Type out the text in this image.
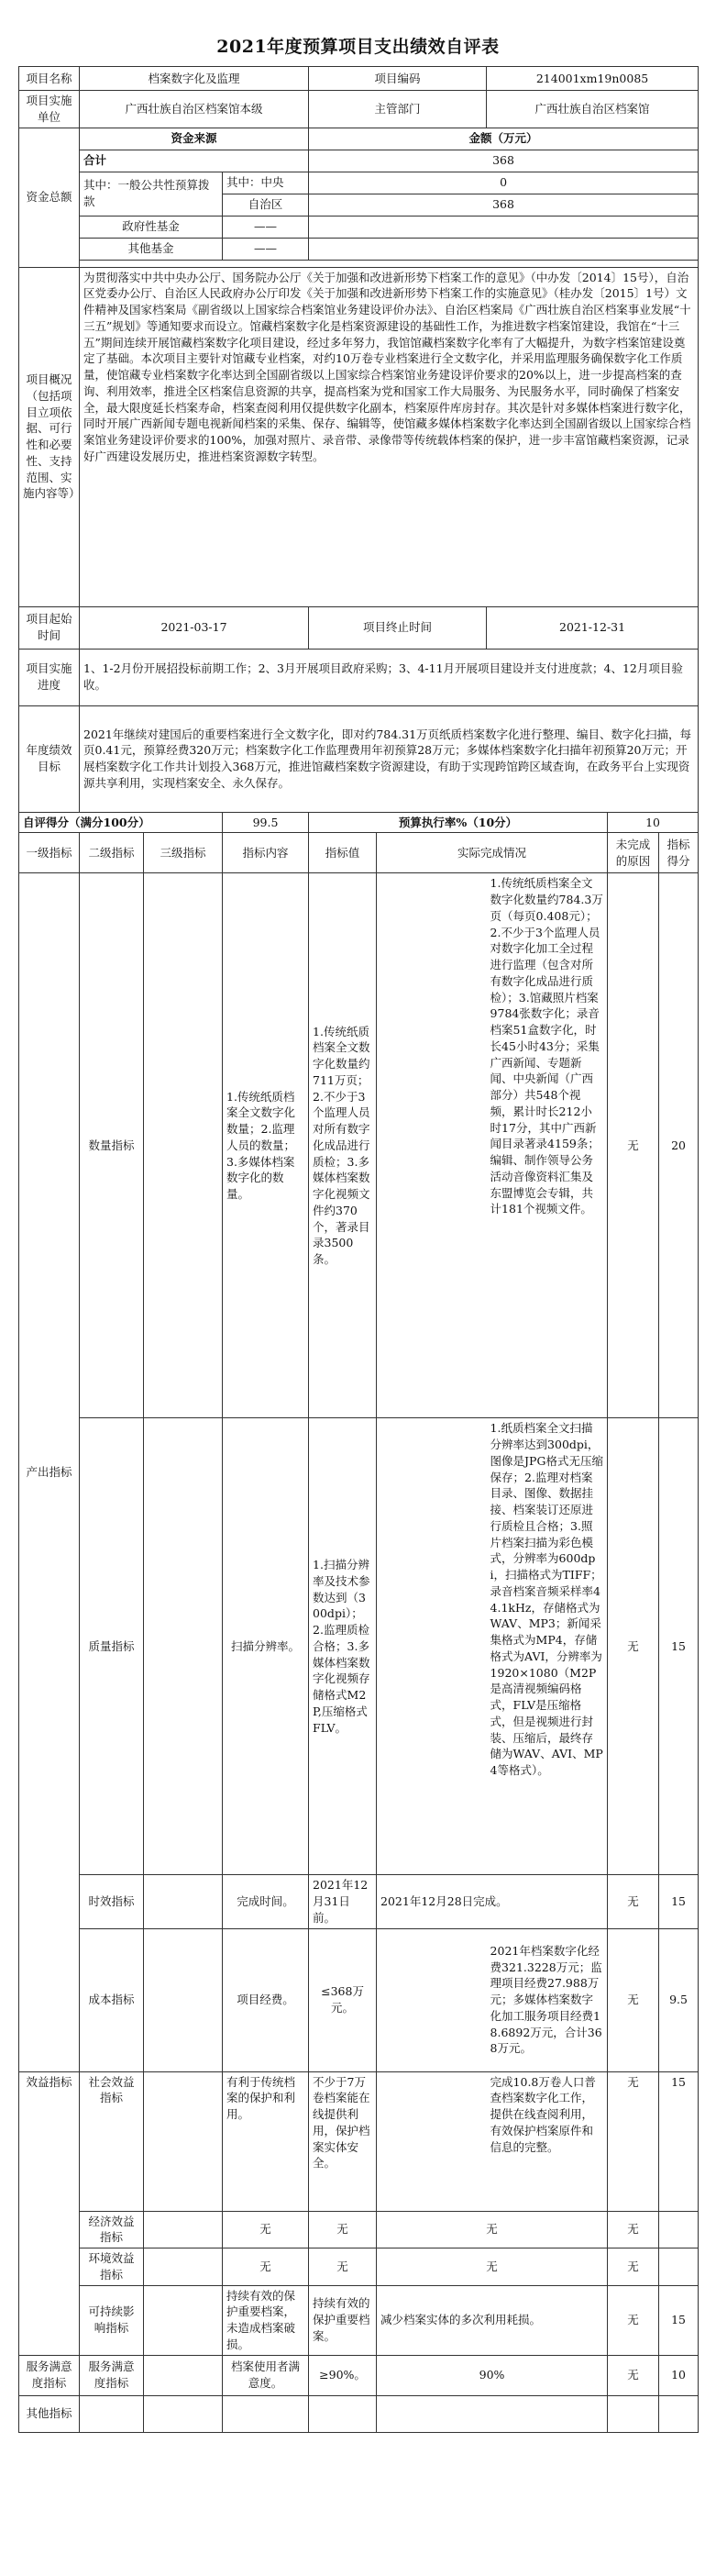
2021年度预算项目支出绩效自评表
项目名称	档案数字化及监理			项目编码		214001xm19n0085		
项目实施单位	广西壮族自治区档案馆本级			主管部门		广西壮族自治区档案馆		
资金总额	资金来源			金额（万元）				
	合计			368				
	其中：一般公共性预算拨款		其中：中央	0				
			自治区	368				
	政府性基金		——					
	其他基金		——					

项目概况（包括项目立项依据、可行性和必要性、支持范围、实施内容等）	为贯彻落实中共中央办公厅、国务院办公厅《关于加强和改进新形势下档案工作的意见》（中办发〔2014〕15号），自治区党委办公厅、自治区人民政府办公厅印发《关于加强和改进新形势下档案工作的实施意见》（桂办发〔2015〕1号）文件精神及国家档案局《副省级以上国家综合档案馆业务建设评价办法》、自治区档案局《广西壮族自治区档案事业发展“十三五”规划》等通知要求而设立。馆藏档案数字化是档案资源建设的基础性工作，为推进数字档案馆建设，我馆在“十三五”期间连续开展馆藏档案数字化项目建设，经过多年努力，我馆馆藏档案数字化率有了大幅提升，为数字档案馆建设奠定了基础。本次项目主要针对馆藏专业档案，对约10万卷专业档案进行全文数字化，并采用监理服务确保数字化工作质量，使馆藏专业档案数字化率达到全国副省级以上国家综合档案馆业务建设评价要求的20%以上，进一步提高档案的查询、利用效率，推进全区档案信息资源的共享，提高档案为党和国家工作大局服务、为民服务水平，同时确保了档案安全，最大限度延长档案寿命，档案查阅利用仅提供数字化副本，档案原件库房封存。其次是针对多媒体档案进行数字化，同时开展广西新闻专题电视新闻档案的采集、保存、编辑等，使馆藏多媒体档案数字化率达到全国副省级以上国家综合档案馆业务建设评价要求的100%，加强对照片、录音带、录像带等传统载体档案的保护，进一步丰富馆藏档案资源，记录好广西建设发展历史，推进档案资源数字转型。							
项目起始时间	2021-03-17			项目终止时间		2021-12-31		
项目实施进度	1、1-2月份开展招投标前期工作；2、3月开展项目政府采购；3、4-11月开展项目建设并支付进度款；4、12月项目验收。							
年度绩效目标	2021年继续对建国后的重要档案进行全文数字化，即对约784.31万页纸质档案数字化进行整理、编目、数字化扫描，每页0.41元，预算经费320万元；档案数字化工作监理费用年初预算28万元；多媒体档案数字化扫描年初预算20万元；开展档案数字化工作共计划投入368万元，推进馆藏档案数字资源建设，有助于实现跨馆跨区域查询，在政务平台上实现资源共享利用，实现档案安全、永久保存。							
自评得分（满分100分）			99.5	预算执行率%（10分）			10	
一级指标	二级指标	三级指标	指标内容	指标值	实际完成情况		未完成的原因	指标得分
产出指标	数量指标		1.传统纸质档案全文数字化数量；2.监理人员的数量；3.多媒体档案数字化的数量。	1.传统纸质档案全文数字化数量约711万页；2.不少于3个监理人员对所有数字化成品进行质检；3.多媒体档案数字化视频文件约370个，著录目录3500条。		1.传统纸质档案全文数字化数量约784.3万页（每页0.408元）；2.不少于3个监理人员对数字化加工全过程进行监理（包含对所有数字化成品进行质检）；3.馆藏照片档案9784张数字化；录音档案51盒数字化，时长45小时43分；采集广西新闻、专题新闻、中央新闻（广西部分）共548个视频，累计时长212小时17分，其中广西新闻目录著录4159条；编辑、制作领导公务活动音像资料汇集及东盟博览会专辑，共计181个视频文件。	无	20
	质量指标		扫描分辨率。	1.扫描分辨率及技术参数达到（300dpi）；2.监理质检合格；3.多媒体档案数字化视频存储格式M2P,压缩格式FLV。		1.纸质档案全文扫描分辨率达到300dpi，图像是JPG格式无压缩保存；2.监理对档案目录、图像、数据挂接、档案装订还原进行质检且合格；3.照片档案扫描为彩色模式，分辨率为600dpi，扫描格式为TIFF；录音档案音频采样率44.1kHz，存储格式为WAV、MP3；新闻采集格式为MP4，存储格式为AVI，分辨率为1920×1080（M2P是高清视频编码格式，FLV是压缩格式，但是视频进行封装、压缩后，最终存储为WAV、AVI、MP4等格式）。	无	15
	时效指标		完成时间。	2021年12月31日前。	2021年12月28日完成。		无	15
	成本指标		项目经费。	≤368万元。		2021年档案数字化经费321.3228万元；监理项目经费27.988万元；多媒体档案数字化加工服务项目经费18.6892万元，合计368万元。	无	9.5
效益指标	社会效益指标		有利于传统档案的保护和利用。	不少于7万卷档案能在线提供利用，保护档案实体安全。		完成10.8万卷人口普查档案数字化工作，提供在线查阅利用，有效保护档案原件和信息的完整。	无	15
	经济效益指标		无	无	无		无	
	环境效益指标		无	无	无		无	
	可持续影响指标		持续有效的保护重要档案，未造成档案破损。	持续有效的保护重要档案。	减少档案实体的多次利用耗损。		无	15
服务满意度指标	服务满意度指标		档案使用者满意度。	≥90%。	90%		无	10
其他指标								
